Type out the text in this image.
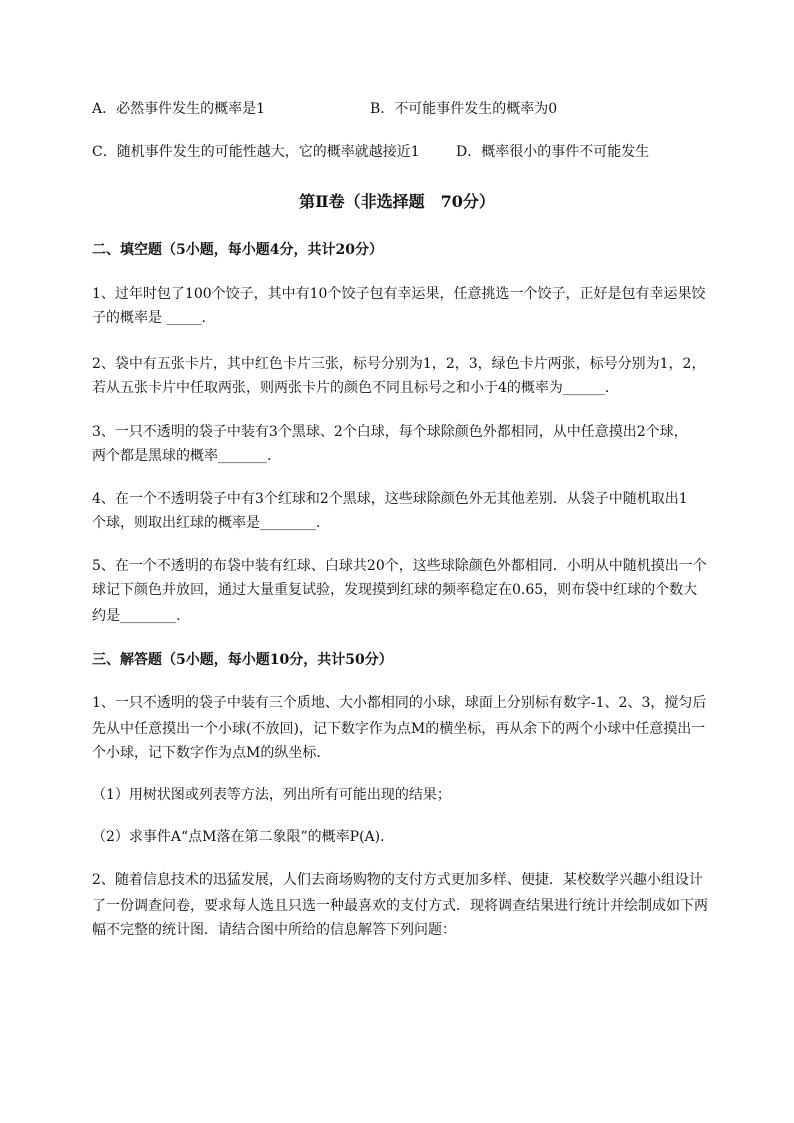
A．必然事件发生的概率是1	B．不可能事件发生的概率为0
C．随机事件发生的可能性越大，它的概率就越接近1	D．概率很小的事件不可能发生
第Ⅱ卷（非选择题　70分）
二、填空题（5小题，每小题4分，共计20分）
1、过年时包了100个饺子，其中有10个饺子包有幸运果，任意挑选一个饺子，正好是包有幸运果饺
子的概率是 _____.
2、袋中有五张卡片，其中红色卡片三张，标号分别为1，2，3，绿色卡片两张，标号分别为1，2，
若从五张卡片中任取两张，则两张卡片的颜色不同且标号之和小于4的概率为______.
3、一只不透明的袋子中装有3个黑球、2个白球，每个球除颜色外都相同，从中任意摸出2个球，
两个都是黑球的概率_______.
4、在一个不透明袋子中有3个红球和2个黑球，这些球除颜色外无其他差别．从袋子中随机取出1
个球，则取出红球的概率是________.
5、在一个不透明的布袋中装有红球、白球共20个，这些球除颜色外都相同．小明从中随机摸出一个
球记下颜色并放回，通过大量重复试验，发现摸到红球的频率稳定在0.65，则布袋中红球的个数大
约是________.
三、解答题（5小题，每小题10分，共计50分）
1、一只不透明的袋子中装有三个质地、大小都相同的小球，球面上分别标有数字-1、2、3，搅匀后
先从中任意摸出一个小球(不放回)，记下数字作为点M的横坐标，再从余下的两个小球中任意摸出一
个小球，记下数字作为点M的纵坐标．
（1）用树状图或列表等方法，列出所有可能出现的结果；
（2）求事件A“点M落在第二象限”的概率P(A)．
2、随着信息技术的迅猛发展，人们去商场购物的支付方式更加多样、便捷．某校数学兴趣小组设计
了一份调查问卷，要求每人选且只选一种最喜欢的支付方式．现将调查结果进行统计并绘制成如下两
幅不完整的统计图．请结合图中所给的信息解答下列问题：
